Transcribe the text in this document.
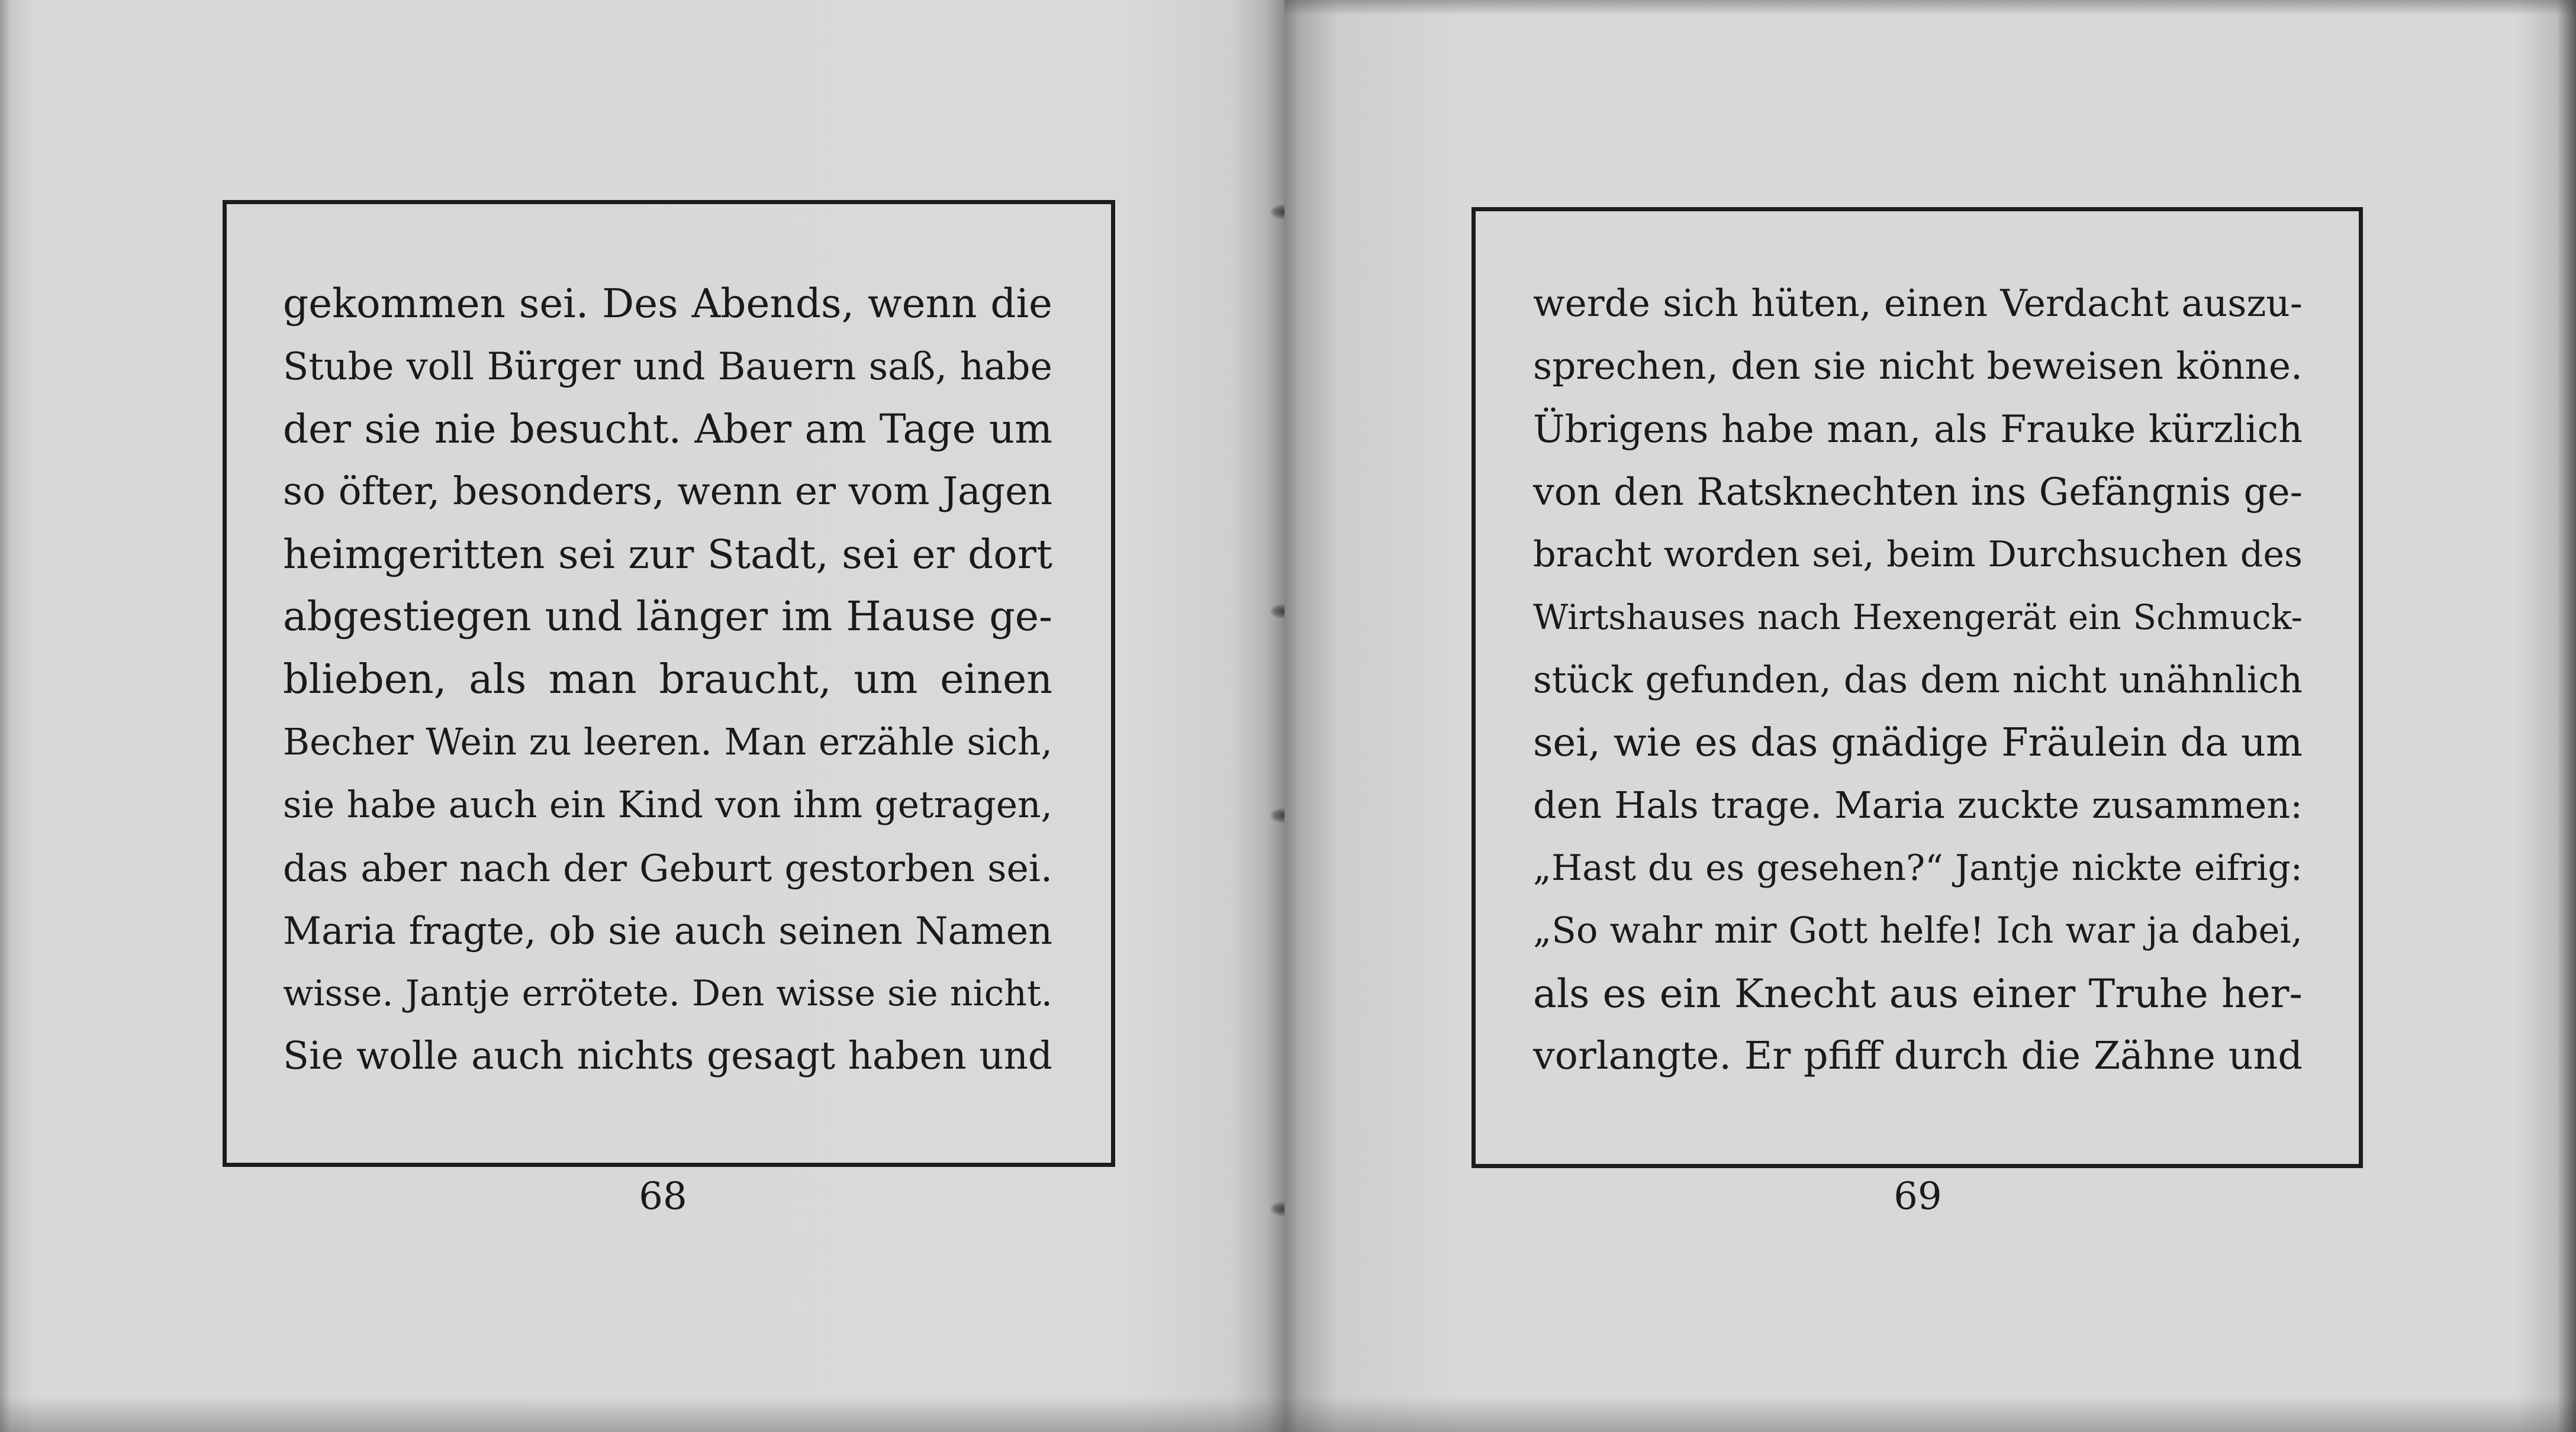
gekommen sei. Des Abends, wenn die
Stube voll Bürger und Bauern saß, habe
der sie nie besucht. Aber am Tage um
so öfter, besonders, wenn er vom Jagen
heimgeritten sei zur Stadt, sei er dort
abgestiegen und länger im Hause ge-
blieben, als man braucht, um einen
Becher Wein zu leeren. Man erzähle sich,
sie habe auch ein Kind von ihm getragen,
das aber nach der Geburt gestorben sei.
Maria fragte, ob sie auch seinen Namen
wisse. Jantje errötete. Den wisse sie nicht.
Sie wolle auch nichts gesagt haben und
werde sich hüten, einen Verdacht auszu-
sprechen, den sie nicht beweisen könne.
Übrigens habe man, als Frauke kürzlich
von den Ratsknechten ins Gefängnis ge-
bracht worden sei, beim Durchsuchen des
Wirtshauses nach Hexengerät ein Schmuck-
stück gefunden, das dem nicht unähnlich
sei, wie es das gnädige Fräulein da um
den Hals trage. Maria zuckte zusammen:
„Hast du es gesehen?“ Jantje nickte eifrig:
„So wahr mir Gott helfe! Ich war ja dabei,
als es ein Knecht aus einer Truhe her-
vorlangte. Er pfiff durch die Zähne und
68	69
